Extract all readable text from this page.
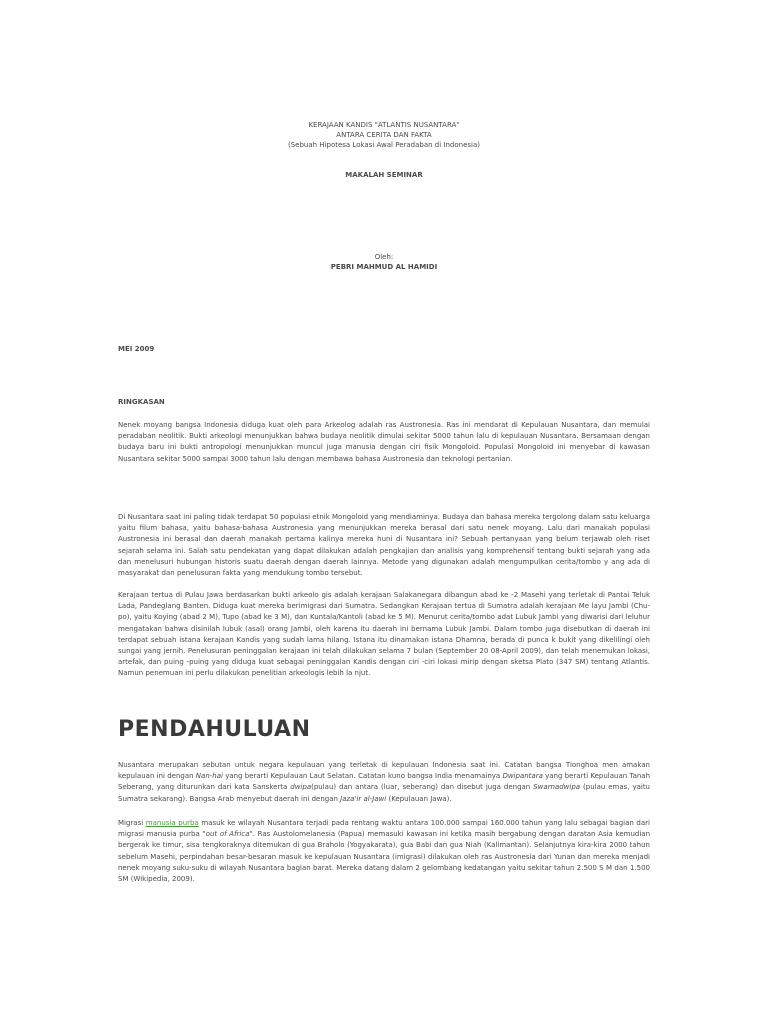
KERAJAAN KANDIS "ATLANTIS NUSANTARA"
ANTARA CERITA DAN FAKTA
(Sebuah Hipotesa Lokasi Awal Peradaban di Indonesia)
MAKALAH SEMINAR
Oleh:
PEBRI MAHMUD AL HAMIDI
MEI 2009
RINGKASAN
Nenek moyang bangsa Indonesia diduga kuat oleh para Arkeolog adalah ras Austronesia. Ras ini mendarat di Kepulauan Nusantara, dan memulai peradaban neolitik. Bukti arkeologi menunjukkan bahwa budaya neolitik dimulai sekitar 5000 tahun lalu di kepulauan Nusantara. Bersamaan dengan budaya baru ini bukti antropologi menunjukkan muncul juga manusia dengan ciri fisik Mongoloid. Populasi Mongoloid ini menyebar di kawasan Nusantara sekitar 5000 sampai 3000 tahun lalu dengan membawa bahasa Austronesia dan teknologi pertanian.
Di Nusantara saat ini paling tidak terdapat 50 populasi etnik Mongoloid yang mendiaminya. Budaya dan bahasa mereka tergolong dalam satu keluarga yaitu filum bahasa, yaitu bahasa-bahasa Austronesia yang menunjukkan mereka berasal dari satu nenek moyang. Lalu dari manakah populasi Austronesia ini berasal dan daerah manakah pertama kalinya mereka huni di Nusantara ini? Sebuah pertanyaan yang belum terjawab oleh riset sejarah selama ini. Salah satu pendekatan yang dapat dilakukan adalah pengkajian dan analisis yang komprehensif tentang bukti sejarah yang ada dan menelusuri hubungan historis suatu daerah dengan daerah lainnya. Metode yang digunakan adalah mengumpulkan cerita/tombo y ang ada di masyarakat dan penelusuran fakta yang mendukung tombo tersebut.
Kerajaan tertua di Pulau Jawa berdasarkan bukti arkeolo gis adalah kerajaan Salakanegara dibangun abad ke -2 Masehi yang terletak di Pantai Teluk Lada, Pandeglang Banten. Diduga kuat mereka berimigrasi dari Sumatra. Sedangkan Kerajaan tertua di Sumatra adalah kerajaan Me layu Jambi (Chu-po), yaitu Koying (abad 2 M), Tupo (abad ke 3 M), dan Kuntala/Kantoli (abad ke 5 M). Menurut cerita/tombo adat Lubuk Jambi yang diwarisi dari leluhur mengatakan bahwa disinilah lubuk (asal) orang Jambi, oleh karena itu daerah ini bernama Lubuk Jambi. Dalam tombo juga disebutkan di daerah ini terdapat sebuah istana kerajaan Kandis yang sudah lama hilang. Istana itu dinamakan istana Dhamna, berada di punca k bukit yang dikelilingi oleh sungai yang jernih. Penelusuran peninggalan kerajaan ini telah dilakukan selama 7 bulan (September 20 08-April 2009), dan telah menemukan lokasi, artefak, dan puing -puing yang diduga kuat sebagai peninggalan Kandis dengan ciri -ciri lokasi mirip dengan sketsa Plato (347 SM) tentang Atlantis. Namun penemuan ini perlu dilakukan penelitian arkeologis lebih la njut.
PENDAHULUAN
Nusantara merupakan sebutan untuk negara kepulauan yang terletak di kepulauan Indonesia saat ini. Catatan bangsa Tionghoa men amakan kepulauan ini dengan Nan-hai yang berarti Kepulauan Laut Selatan. Catatan kuno bangsa India menamainya Dwipantara yang berarti Kepulauan Tanah Seberang, yang diturunkan dari kata Sanskerta dwipa(pulau) dan antara (luar, seberang) dan disebut juga dengan Swarnadwipa (pulau emas, yaitu Sumatra sekarang). Bangsa Arab menyebut daerah ini dengan Jaza'ir al-Jawi (Kepulauan Jawa).
Migrasi manusia purba masuk ke wilayah Nusantara terjadi pada rentang waktu antara 100.000 sampai 160.000 tahun yang lalu sebagai bagian dari migrasi manusia purba "out of Africa". Ras Austolomelanesia (Papua) memasuki kawasan ini ketika masih bergabung dengan daratan Asia kemudian bergerak ke timur, sisa tengkoraknya ditemukan di gua Braholo (Yogyakarata), gua Babi dan gua Niah (Kalimantan). Selanjutnya kira-kira 2000 tahun sebelum Masehi, perpindahan besar-besaran masuk ke kepulauan Nusantara (imigrasi) dilakukan oleh ras Austronesia dari Yunan dan mereka menjadi nenek moyang suku-suku di wilayah Nusantara bagian barat. Mereka datang dalam 2 gelombang kedatangan yaitu sekitar tahun 2.500 S M dan 1.500 SM (Wikipedia, 2009).
